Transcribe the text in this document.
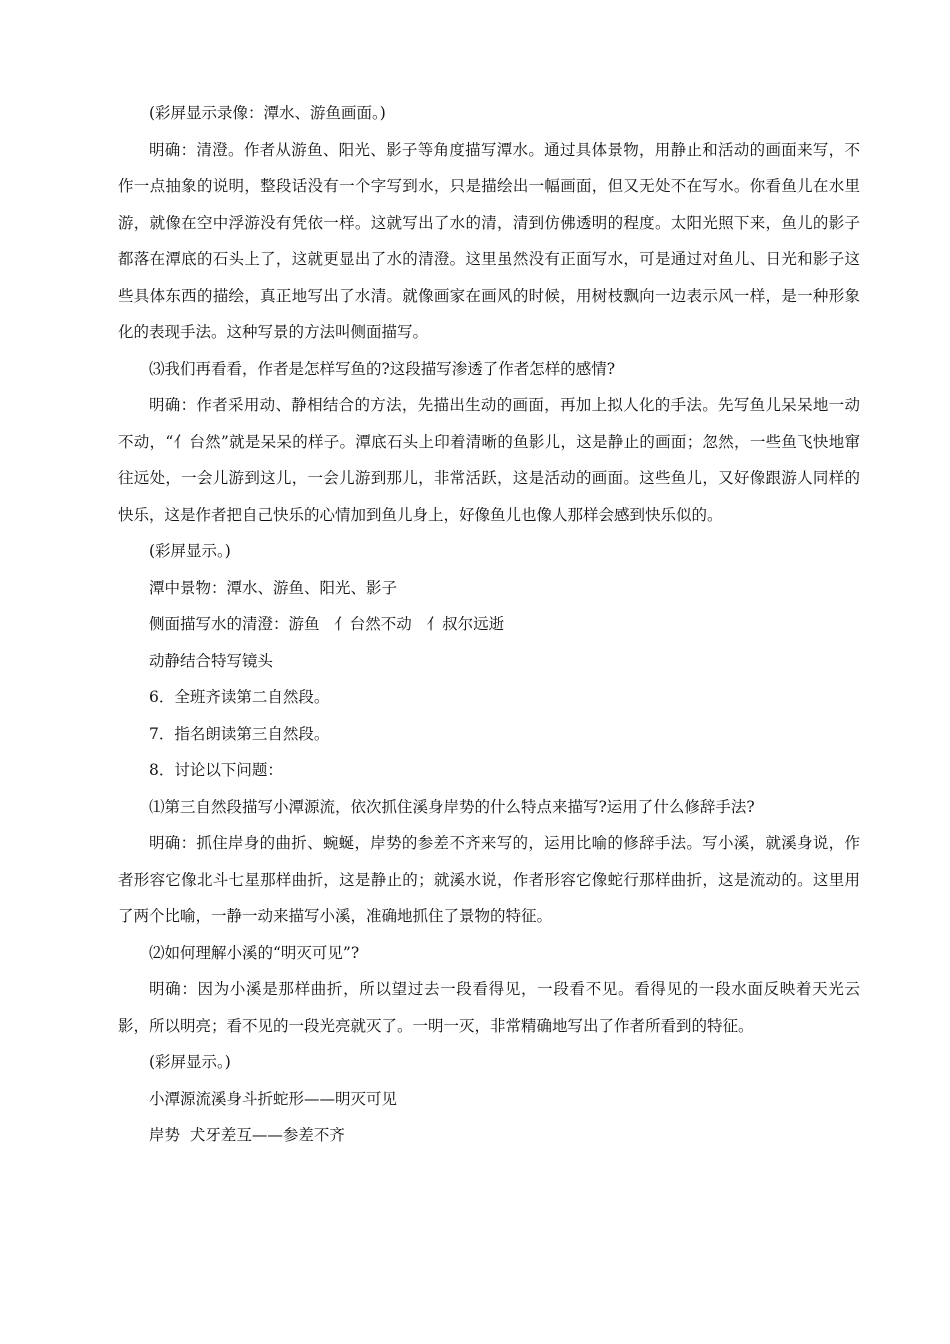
(彩屏显示录像：潭水、游鱼画面。)

明确：清澄。作者从游鱼、阳光、影子等角度描写潭水。通过具体景物，用静止和活动的画面来写，不作一点抽象的说明，整段话没有一个字写到水，只是描绘出一幅画面，但又无处不在写水。你看鱼儿在水里游，就像在空中浮游没有凭依一样。这就写出了水的清，清到仿佛透明的程度。太阳光照下来，鱼儿的影子都落在潭底的石头上了，这就更显出了水的清澄。这里虽然没有正面写水，可是通过对鱼儿、日光和影子这些具体东西的描绘，真正地写出了水清。就像画家在画风的时候，用树枝飘向一边表示风一样，是一种形象化的表现手法。这种写景的方法叫侧面描写。

⑶我们再看看，作者是怎样写鱼的?这段描写渗透了作者怎样的感情?

明确：作者采用动、静相结合的方法，先描出生动的画面，再加上拟人化的手法。先写鱼儿呆呆地一动不动，“亻台然”就是呆呆的样子。潭底石头上印着清晰的鱼影儿，这是静止的画面；忽然，一些鱼飞快地窜往远处，一会儿游到这儿，一会儿游到那儿，非常活跃，这是活动的画面。这些鱼儿，又好像跟游人同样的快乐，这是作者把自己快乐的心情加到鱼儿身上，好像鱼儿也像人那样会感到快乐似的。

(彩屏显示。)

潭中景物：潭水、游鱼、阳光、影子

侧面描写水的清澄：游鱼   亻台然不动   亻叔尔远逝

动静结合特写镜头

6．全班齐读第二自然段。

7．指名朗读第三自然段。

8．讨论以下问题：

⑴第三自然段描写小潭源流，依次抓住溪身岸势的什么特点来描写?运用了什么修辞手法?

明确：抓住岸身的曲折、蜿蜒，岸势的参差不齐来写的，运用比喻的修辞手法。写小溪，就溪身说，作者形容它像北斗七星那样曲折，这是静止的；就溪水说，作者形容它像蛇行那样曲折，这是流动的。这里用了两个比喻，一静一动来描写小溪，准确地抓住了景物的特征。

⑵如何理解小溪的“明灭可见”?

明确：因为小溪是那样曲折，所以望过去一段看得见，一段看不见。看得见的一段水面反映着天光云影，所以明亮；看不见的一段光亮就灭了。一明一灭，非常精确地写出了作者所看到的特征。

(彩屏显示。)

小潭源流溪身斗折蛇形——明灭可见

岸势  犬牙差互——参差不齐
